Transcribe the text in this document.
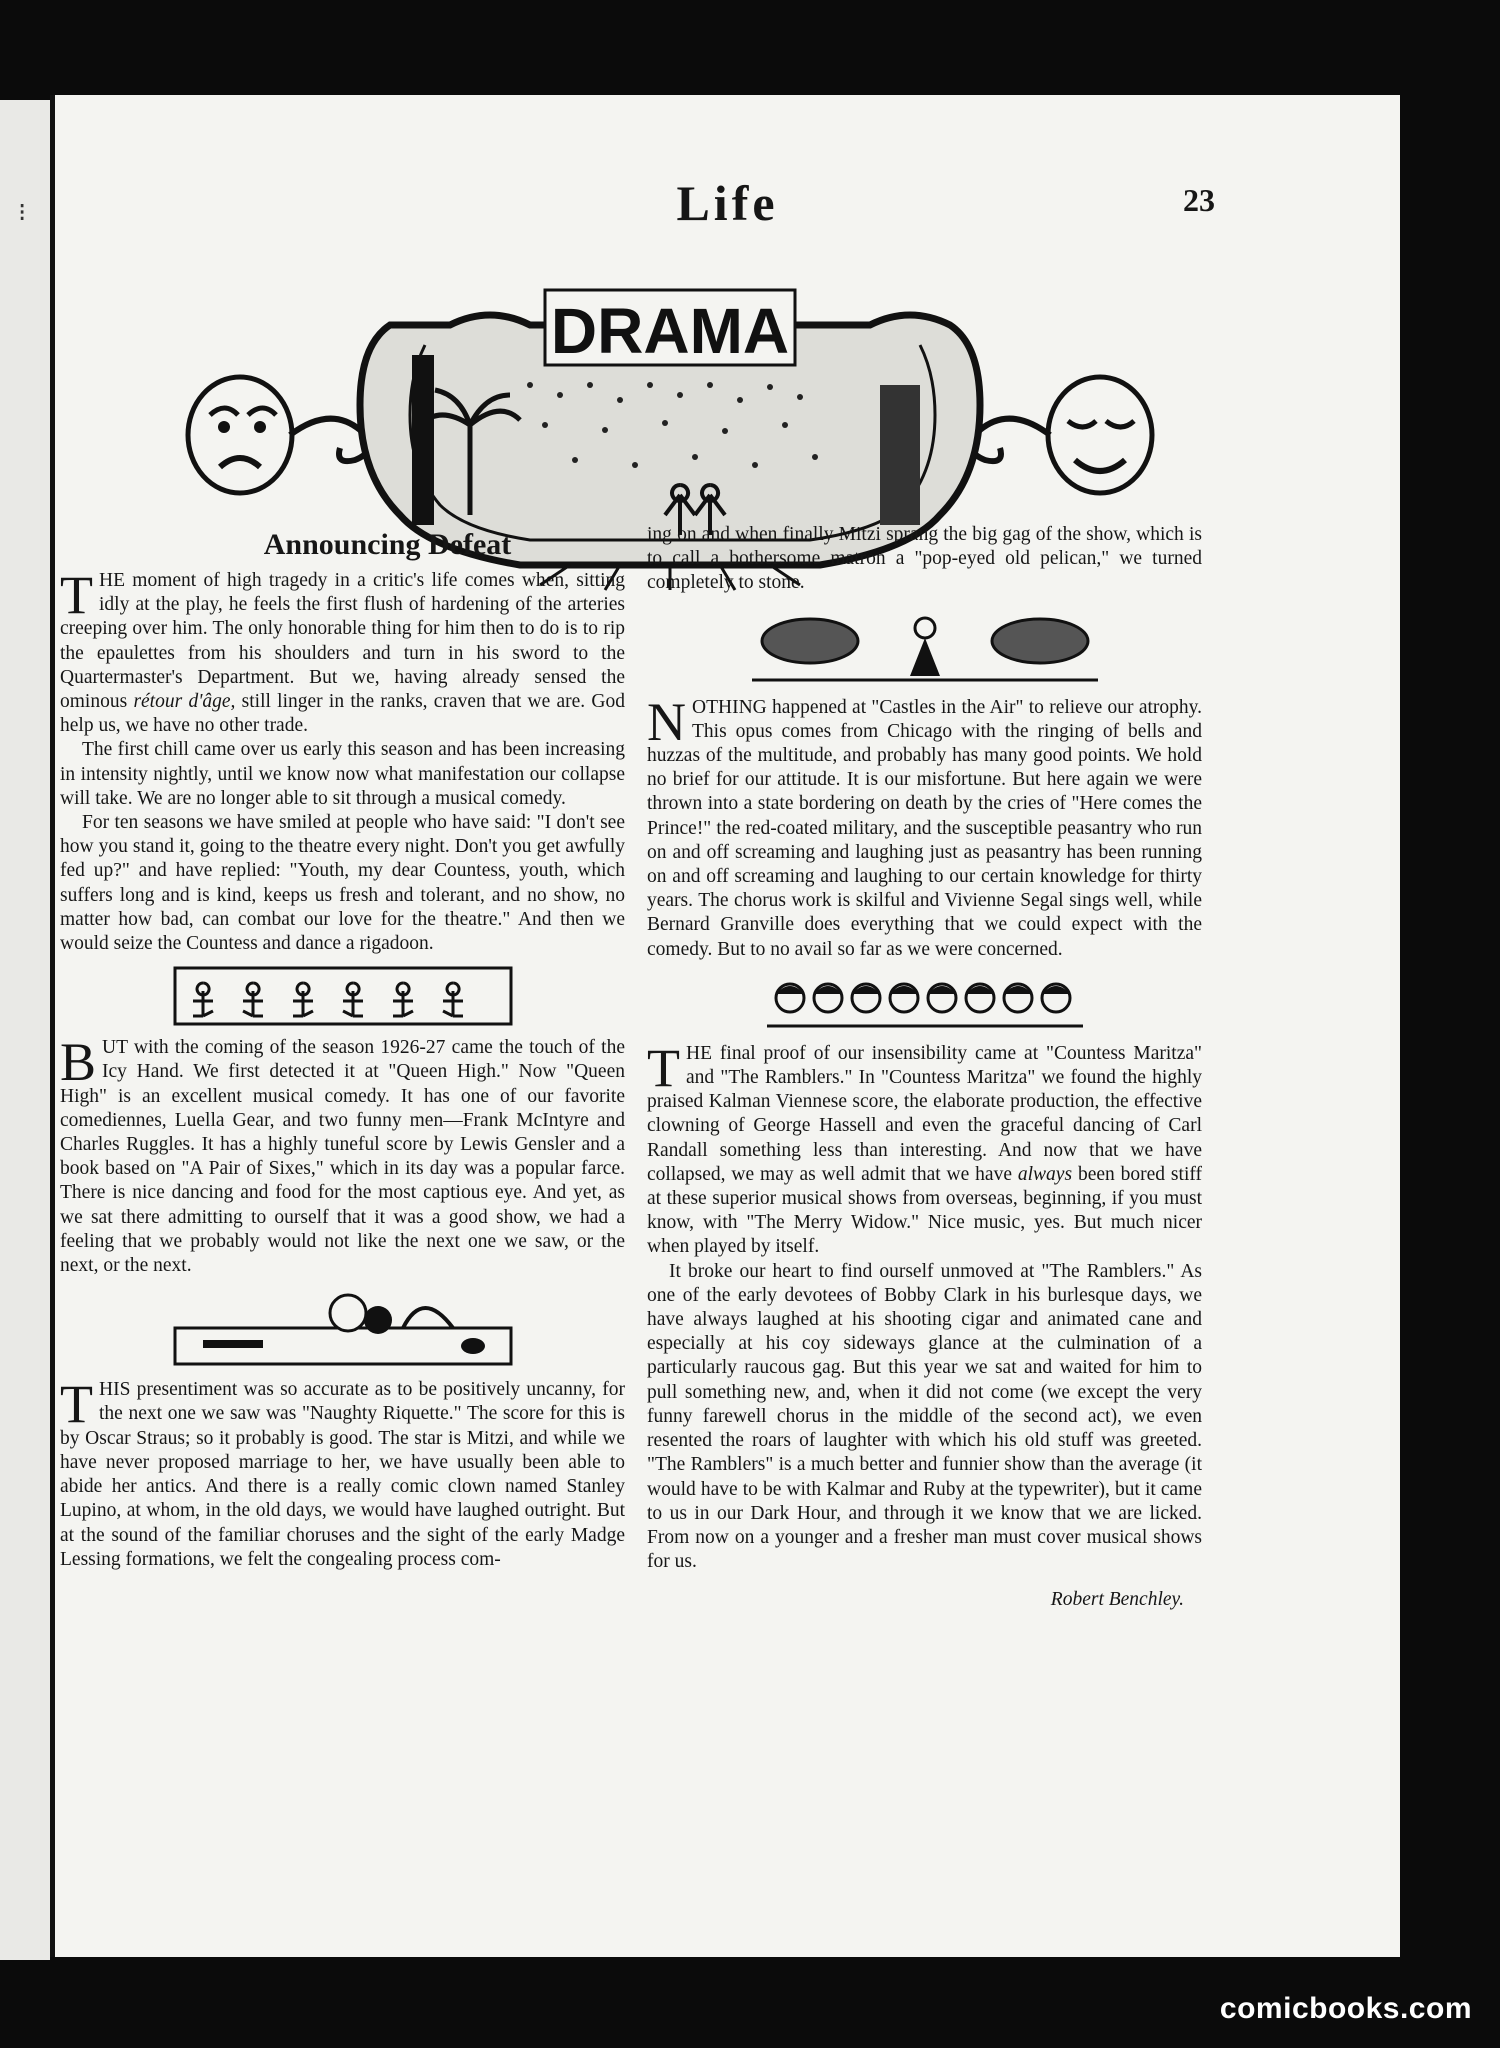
⁝	Life	23
DRAMA
Announcing Defeat

THE moment of high tragedy in a critic's life comes when, sitting idly at the play, he feels the first flush of hardening of the arteries creeping over him. The only honorable thing for him then to do is to rip the epaulettes from his shoulders and turn in his sword to the Quartermaster's Department. But we, having already sensed the ominous rétour d'âge, still linger in the ranks, craven that we are. God help us, we have no other trade.

The first chill came over us early this season and has been increasing in intensity nightly, until we know now what manifestation our collapse will take. We are no longer able to sit through a musical comedy.

For ten seasons we have smiled at people who have said: "I don't see how you stand it, going to the theatre every night. Don't you get awfully fed up?" and have replied: "Youth, my dear Countess, youth, which suffers long and is kind, keeps us fresh and tolerant, and no show, no matter how bad, can combat our love for the theatre." And then we would seize the Countess and dance a rigadoon.

BUT with the coming of the season 1926-27 came the touch of the Icy Hand. We first detected it at "Queen High." Now "Queen High" is an excellent musical comedy. It has one of our favorite comediennes, Luella Gear, and two funny men—Frank McIntyre and Charles Ruggles. It has a highly tuneful score by Lewis Gensler and a book based on "A Pair of Sixes," which in its day was a popular farce. There is nice dancing and food for the most captious eye. And yet, as we sat there admitting to ourself that it was a good show, we had a feeling that we probably would not like the next one we saw, or the next, or the next.

THIS presentiment was so accurate as to be positively uncanny, for the next one we saw was "Naughty Riquette." The score for this is by Oscar Straus; so it probably is good. The star is Mitzi, and while we have never proposed marriage to her, we have usually been able to abide her antics. And there is a really comic clown named Stanley Lupino, at whom, in the old days, we would have laughed outright. But at the sound of the familiar choruses and the sight of the early Madge Lessing formations, we felt the congealing process com-

ing on and when finally Mitzi sprang the big gag of the show, which is to call a bothersome matron a "pop-eyed old pelican," we turned completely to stone.

NOTHING happened at "Castles in the Air" to relieve our atrophy. This opus comes from Chicago with the ringing of bells and huzzas of the multitude, and probably has many good points. We hold no brief for our attitude. It is our misfortune. But here again we were thrown into a state bordering on death by the cries of "Here comes the Prince!" the red-coated military, and the susceptible peasantry who run on and off screaming and laughing just as peasantry has been running on and off screaming and laughing to our certain knowledge for thirty years. The chorus work is skilful and Vivienne Segal sings well, while Bernard Granville does everything that we could expect with the comedy. But to no avail so far as we were concerned.

THE final proof of our insensibility came at "Countess Maritza" and "The Ramblers." In "Countess Maritza" we found the highly praised Kalman Viennese score, the elaborate production, the effective clowning of George Hassell and even the graceful dancing of Carl Randall something less than interesting. And now that we have collapsed, we may as well admit that we have always been bored stiff at these superior musical shows from overseas, beginning, if you must know, with "The Merry Widow." Nice music, yes. But much nicer when played by itself.

It broke our heart to find ourself unmoved at "The Ramblers." As one of the early devotees of Bobby Clark in his burlesque days, we have always laughed at his shooting cigar and animated cane and especially at his coy sideways glance at the culmination of a particularly raucous gag. But this year we sat and waited for him to pull something new, and, when it did not come (we except the very funny farewell chorus in the middle of the second act), we even resented the roars of laughter with which his old stuff was greeted. "The Ramblers" is a much better and funnier show than the average (it would have to be with Kalmar and Ruby at the typewriter), but it came to us in our Dark Hour, and through it we know that we are licked. From now on a younger and a fresher man must cover musical shows for us.

Robert Benchley.
comicbooks.com
